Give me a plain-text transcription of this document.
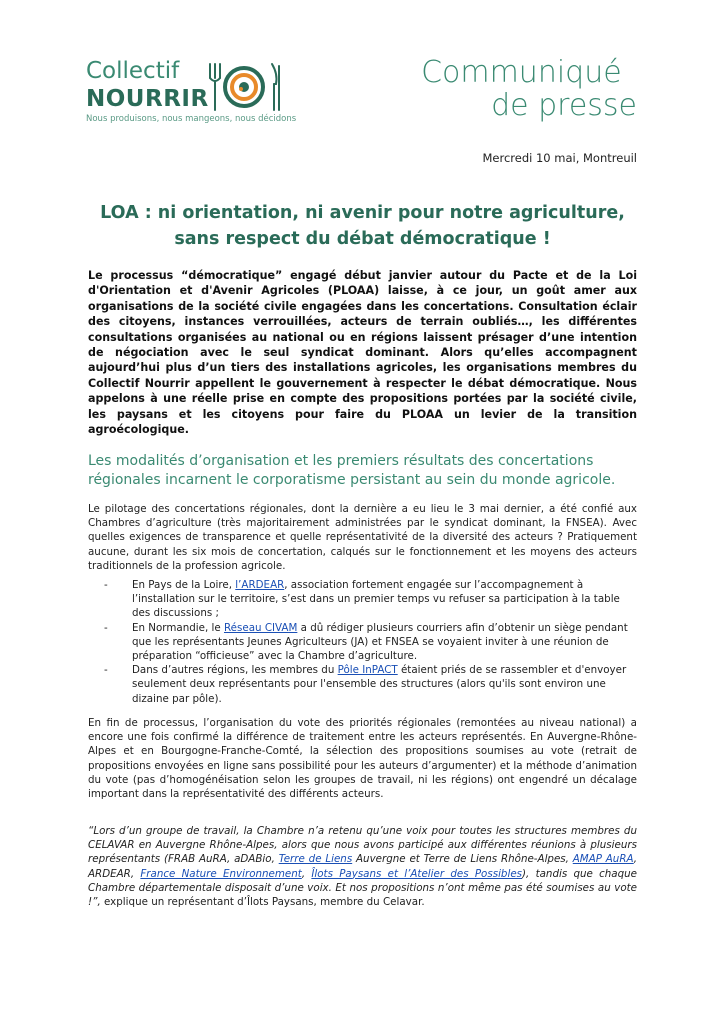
Collectif
NOURRIR
Nous produisons, nous mangeons, nous décidons
Communiqué
de presse
Mercredi 10 mai, Montreuil
LOA : ni orientation, ni avenir pour notre agriculture,
sans respect du débat démocratique !
Le processus “démocratique” engagé début janvier autour du Pacte et de la Loi d'Orientation et d'Avenir Agricoles (PLOAA) laisse, à ce jour, un goût amer aux organisations de la société civile engagées dans les concertations. Consultation éclair des citoyens, instances verrouillées, acteurs de terrain oubliés…, les différentes consultations organisées au national ou en régions laissent présager d’une intention de négociation avec le seul syndicat dominant. Alors qu’elles accompagnent aujourd’hui plus d’un tiers des installations agricoles, les organisations membres du Collectif Nourrir appellent le gouvernement à respecter le débat démocratique. Nous appelons à une réelle prise en compte des propositions portées par la société civile, les paysans et les citoyens pour faire du PLOAA un levier de la transition agroécologique.
Les modalités d’organisation et les premiers résultats des concertations régionales incarnent le corporatisme persistant au sein du monde agricole.
Le pilotage des concertations régionales, dont la dernière a eu lieu le 3 mai dernier, a été confié aux Chambres d’agriculture (très majoritairement administrées par le syndicat dominant, la FNSEA). Avec quelles exigences de transparence et quelle représentativité de la diversité des acteurs ? Pratiquement aucune, durant les six mois de concertation, calqués sur le fonctionnement et les moyens des acteurs traditionnels de la profession agricole.
- En Pays de la Loire, l’ARDEAR, association fortement engagée sur l’accompagnement à l’installation sur le territoire, s’est dans un premier temps vu refuser sa participation à la table des discussions ;
- En Normandie, le Réseau CIVAM a dû rédiger plusieurs courriers afin d’obtenir un siège pendant que les représentants Jeunes Agriculteurs (JA) et FNSEA se voyaient inviter à une réunion de préparation “officieuse” avec la Chambre d’agriculture.
- Dans d’autres régions, les membres du Pôle InPACT étaient priés de se rassembler et d'envoyer seulement deux représentants pour l'ensemble des structures (alors qu'ils sont environ une dizaine par pôle).
En fin de processus, l’organisation du vote des priorités régionales (remontées au niveau national) a encore une fois confirmé la différence de traitement entre les acteurs représentés. En Auvergne-Rhône-Alpes et en Bourgogne-Franche-Comté, la sélection des propositions soumises au vote (retrait de propositions envoyées en ligne sans possibilité pour les auteurs d’argumenter) et la méthode d’animation du vote (pas d’homogénéisation selon les groupes de travail, ni les régions) ont engendré un décalage important dans la représentativité des différents acteurs.
“Lors d’un groupe de travail, la Chambre n’a retenu qu’une voix pour toutes les structures membres du CELAVAR en Auvergne Rhône-Alpes, alors que nous avons participé aux différentes réunions à plusieurs représentants (FRAB AuRA, aDABio, Terre de Liens Auvergne et Terre de Liens Rhône-Alpes, AMAP AuRA, ARDEAR, France Nature Environnement, Îlots Paysans et l’Atelier des Possibles), tandis que chaque Chambre départementale disposait d’une voix. Et nos propositions n’ont même pas été soumises au vote !”, explique un représentant d’Îlots Paysans, membre du Celavar.
